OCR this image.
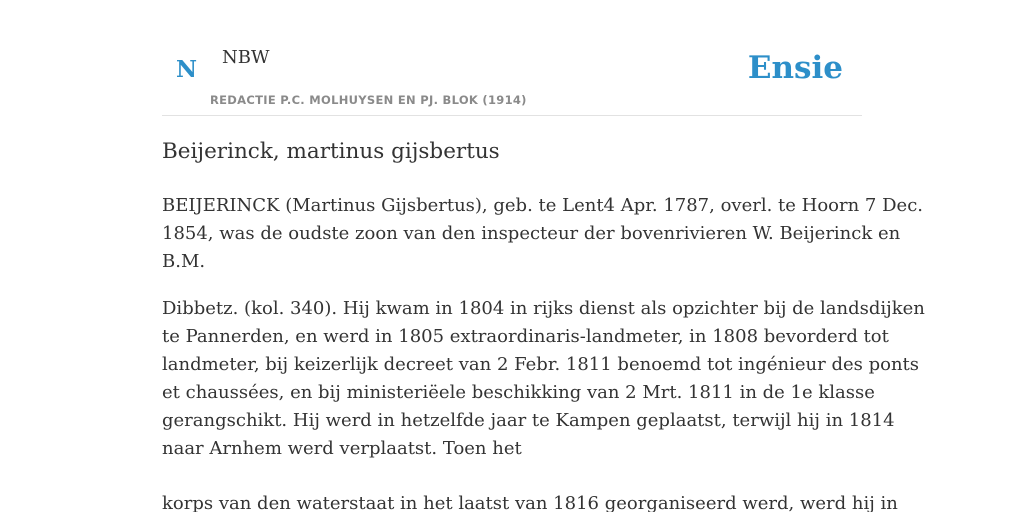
N NBW
REDACTIE P.C. MOLHUYSEN EN PJ. BLOK (1914)
Ensie
Beijerinck, martinus gijsbertus

BEIJERINCK (Martinus Gijsbertus), geb. te Lent4 Apr. 1787, overl. te Hoorn 7 Dec.
1854, was de oudste zoon van den inspecteur der bovenrivieren W. Beijerinck en
B.M.

Dibbetz. (kol. 340). Hij kwam in 1804 in rijks dienst als opzichter bij de landsdijken
te Pannerden, en werd in 1805 extraordinaris-landmeter, in 1808 bevorderd tot
landmeter, bij keizerlijk decreet van 2 Febr. 1811 benoemd tot ingénieur des ponts
et chaussées, en bij ministeriëele beschikking van 2 Mrt. 1811 in de 1e klasse
gerangschikt. Hij werd in hetzelfde jaar te Kampen geplaatst, terwijl hij in 1814
naar Arnhem werd verplaatst. Toen het

korps van den waterstaat in het laatst van 1816 georganiseerd werd, werd hij in
